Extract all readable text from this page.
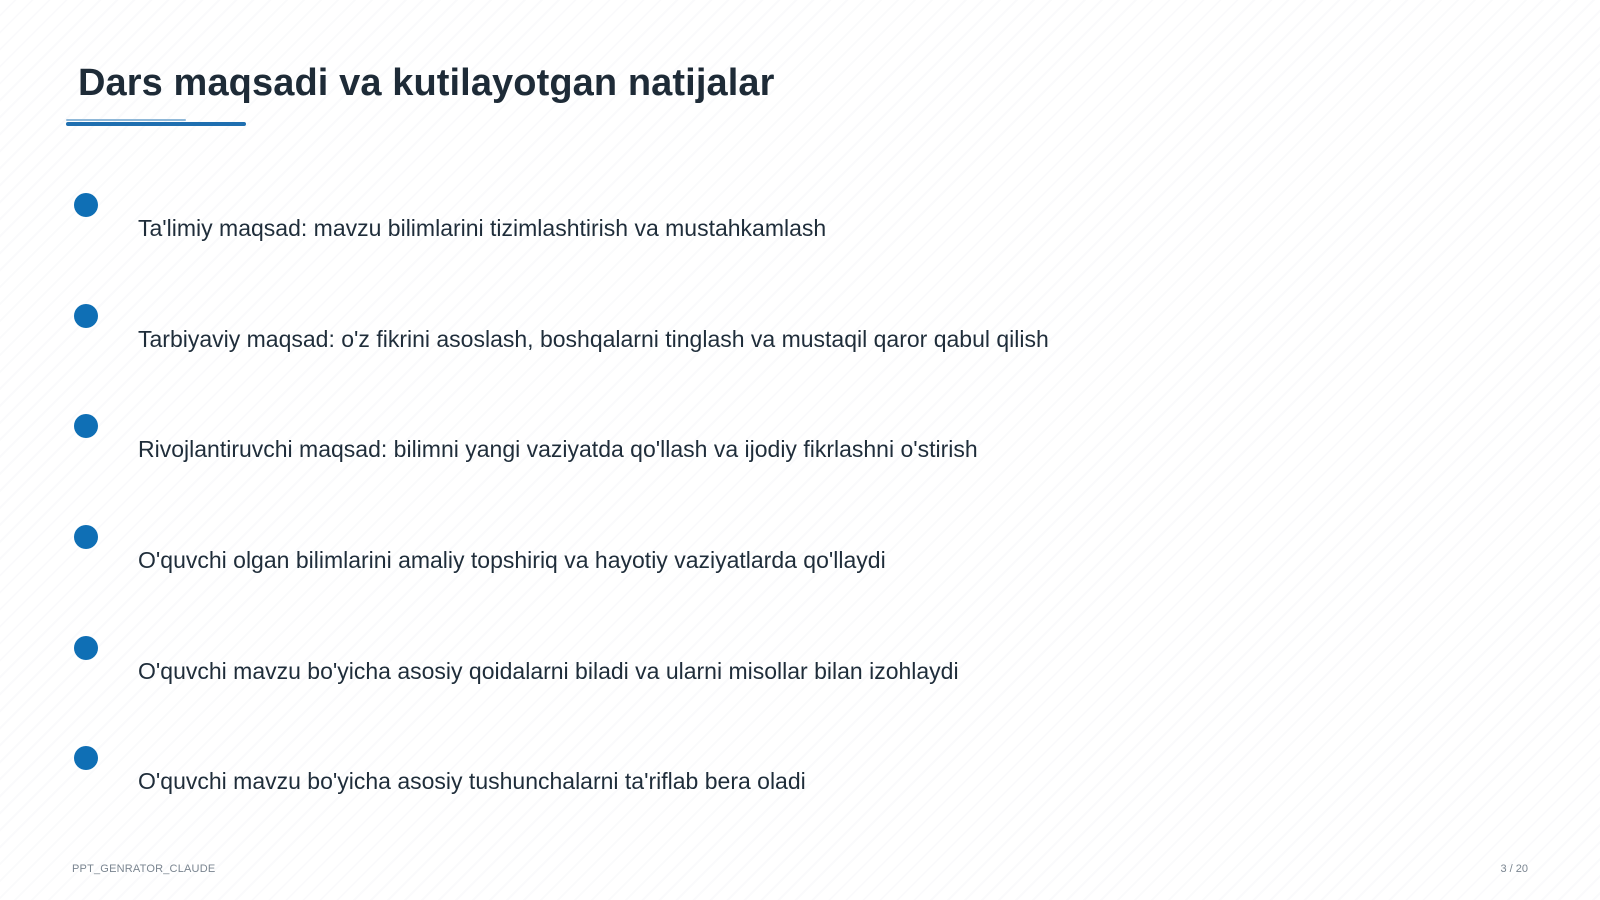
Dars maqsadi va kutilayotgan natijalar
Ta'limiy maqsad: mavzu bilimlarini tizimlashtirish va mustahkamlash
Tarbiyaviy maqsad: o'z fikrini asoslash, boshqalarni tinglash va mustaqil qaror qabul qilish
Rivojlantiruvchi maqsad: bilimni yangi vaziyatda qo'llash va ijodiy fikrlashni o'stirish
O'quvchi olgan bilimlarini amaliy topshiriq va hayotiy vaziyatlarda qo'llaydi
O'quvchi mavzu bo'yicha asosiy qoidalarni biladi va ularni misollar bilan izohlaydi
O'quvchi mavzu bo'yicha asosiy tushunchalarni ta'riflab bera oladi
PPT_GENRATOR_CLAUDE	3 / 20
